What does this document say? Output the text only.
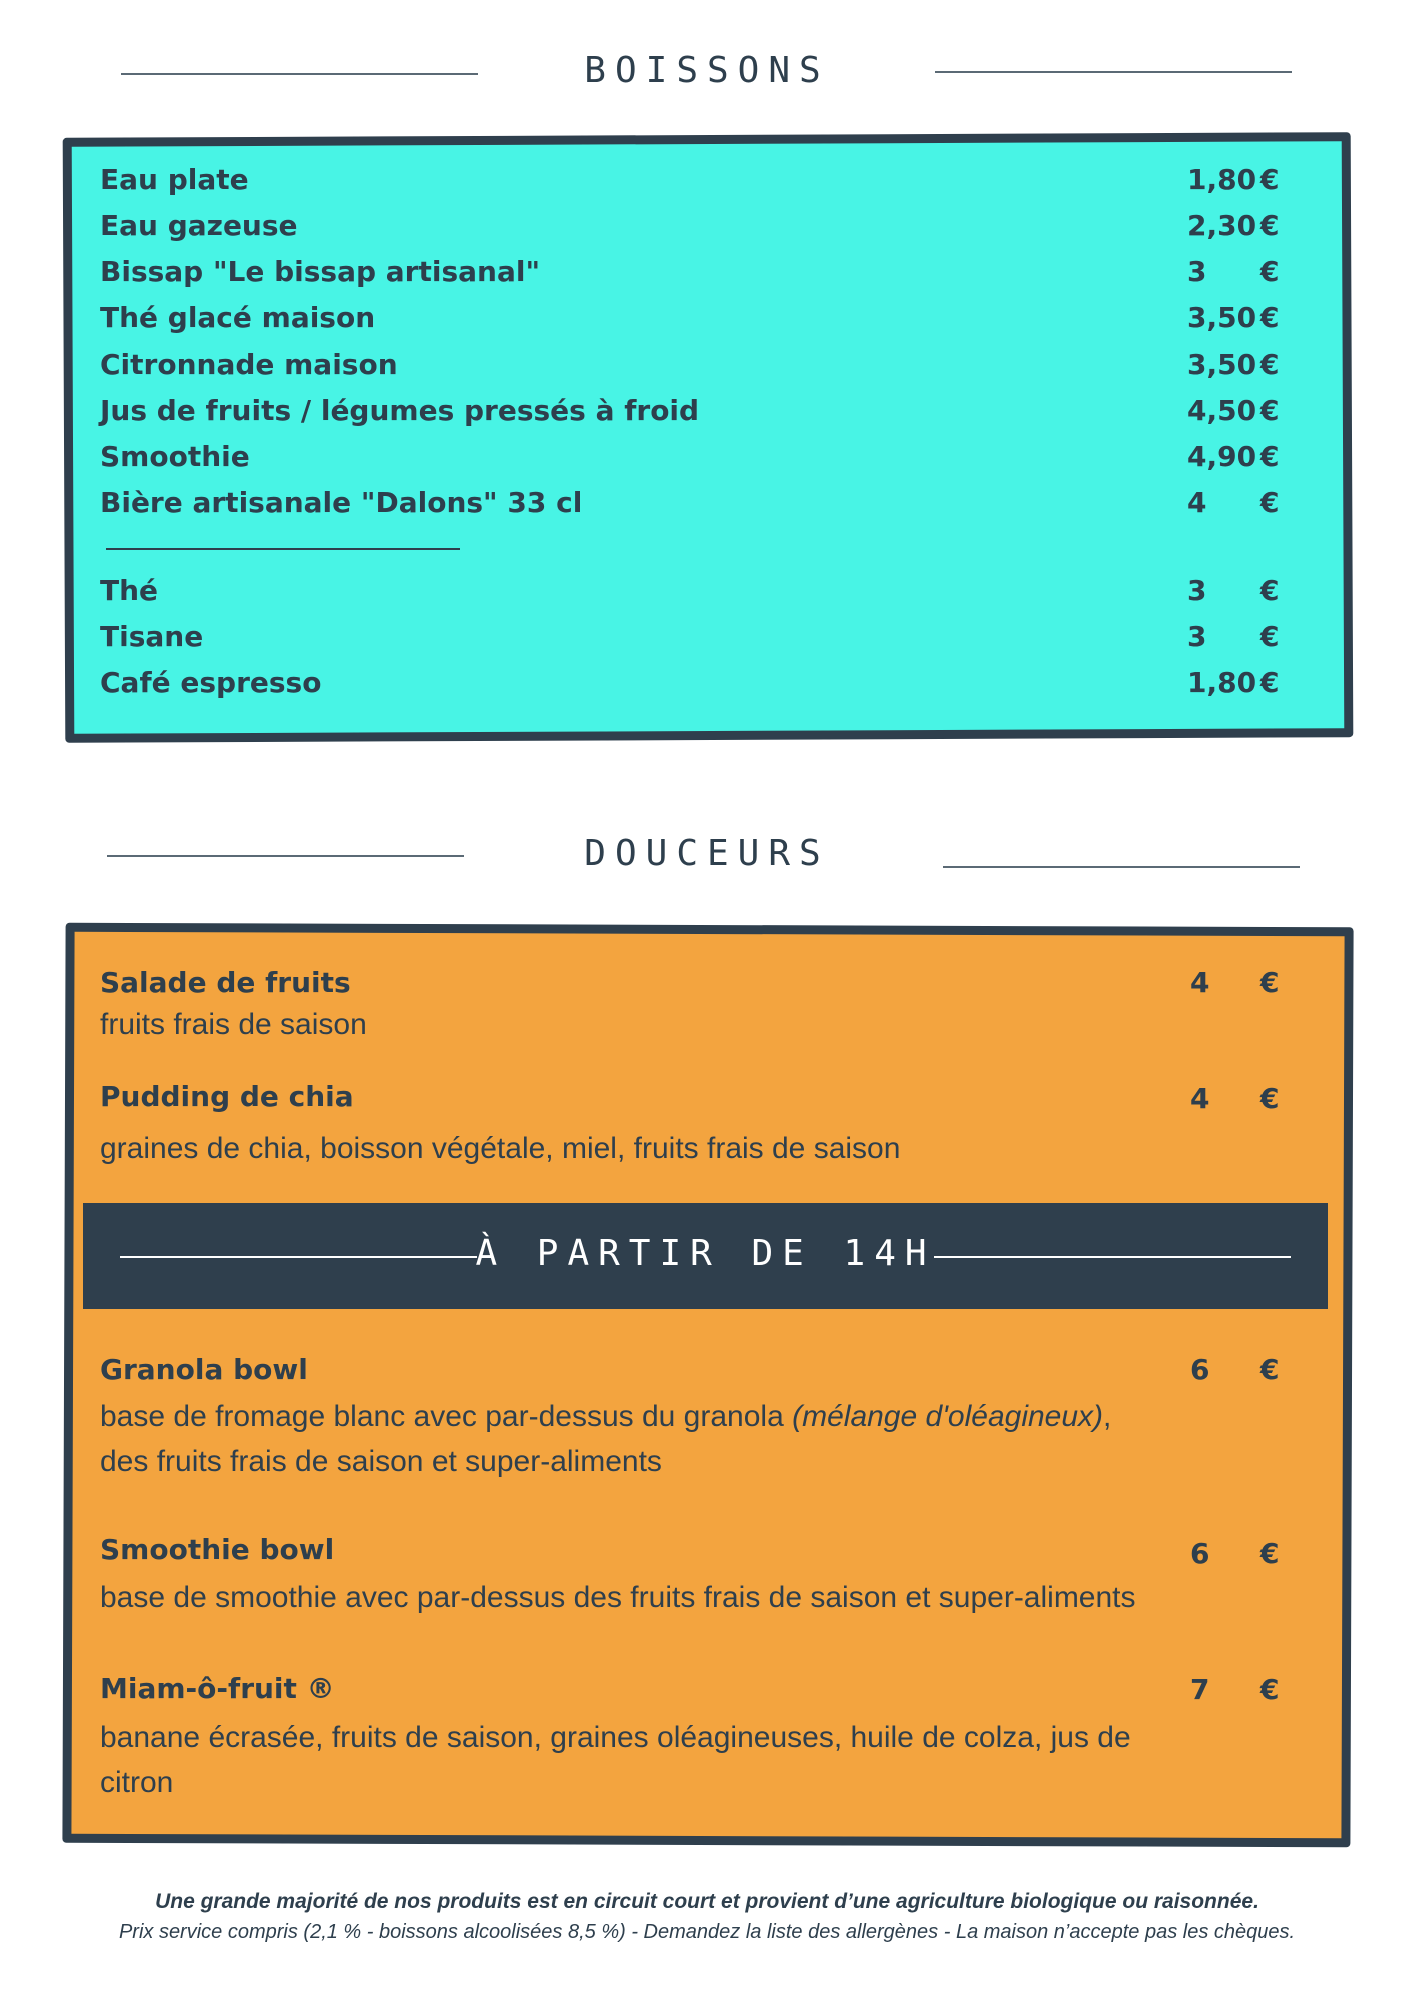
BOISSONS
Eau plate	1,80 €
Eau gazeuse	2,30 €
Bissap "Le bissap artisanal"	3 €
Thé glacé maison	3,50 €
Citronnade maison	3,50 €
Jus de fruits / légumes pressés à froid	4,50 €
Smoothie	4,90 €
Bière artisanale "Dalons" 33 cl	4 €
Thé	3 €
Tisane	3 €
Café espresso	1,80 €
DOUCEURS
Salade de fruits	4 €
fruits frais de saison
Pudding de chia	4 €
graines de chia, boisson végétale, miel, fruits frais de saison
À PARTIR DE 14H
Granola bowl	6 €
base de fromage blanc avec par-dessus du granola (mélange d'oléagineux), des fruits frais de saison et super-aliments
Smoothie bowl	6 €
base de smoothie avec par-dessus des fruits frais de saison et super-aliments
Miam-ô-fruit ®	7 €
banane écrasée, fruits de saison, graines oléagineuses, huile de colza, jus de citron
Une grande majorité de nos produits est en circuit court et provient d’une agriculture biologique ou raisonnée.
Prix service compris (2,1 % - boissons alcoolisées 8,5 %) - Demandez la liste des allergènes - La maison n’accepte pas les chèques.
